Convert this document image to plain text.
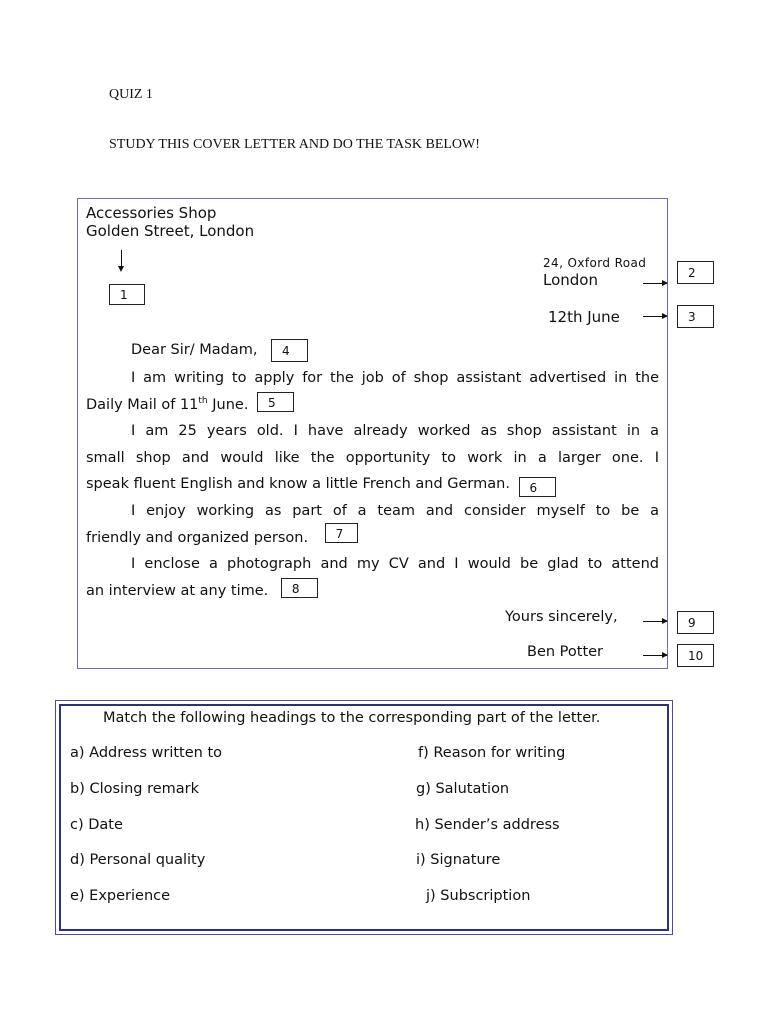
QUIZ 1
STUDY THIS COVER LETTER AND DO THE TASK BELOW!
Accessories Shop
Golden Street, London
1
24, Oxford Road
London	2
12th June	3
Dear Sir/ Madam,	4
I am writing to apply for the job of shop assistant advertised in the
Daily Mail of 11th June. 5
I am 25 years old. I have already worked as shop assistant in a
small shop and would like the opportunity to work in a larger one. I
speak fluent English and know a little French and German. 6
I enjoy working as part of a team and consider myself to be a
friendly and organized person. 7
I enclose a photograph and my CV and I would be glad to attend
an interview at any time. 8
Yours sincerely,	9
Ben Potter	10
Match the following headings to the corresponding part of the letter.
a) Address written to
b) Closing remark
c) Date
d) Personal quality
e) Experience
f) Reason for writing
g) Salutation
h) Sender’s address
i) Signature
j) Subscription
